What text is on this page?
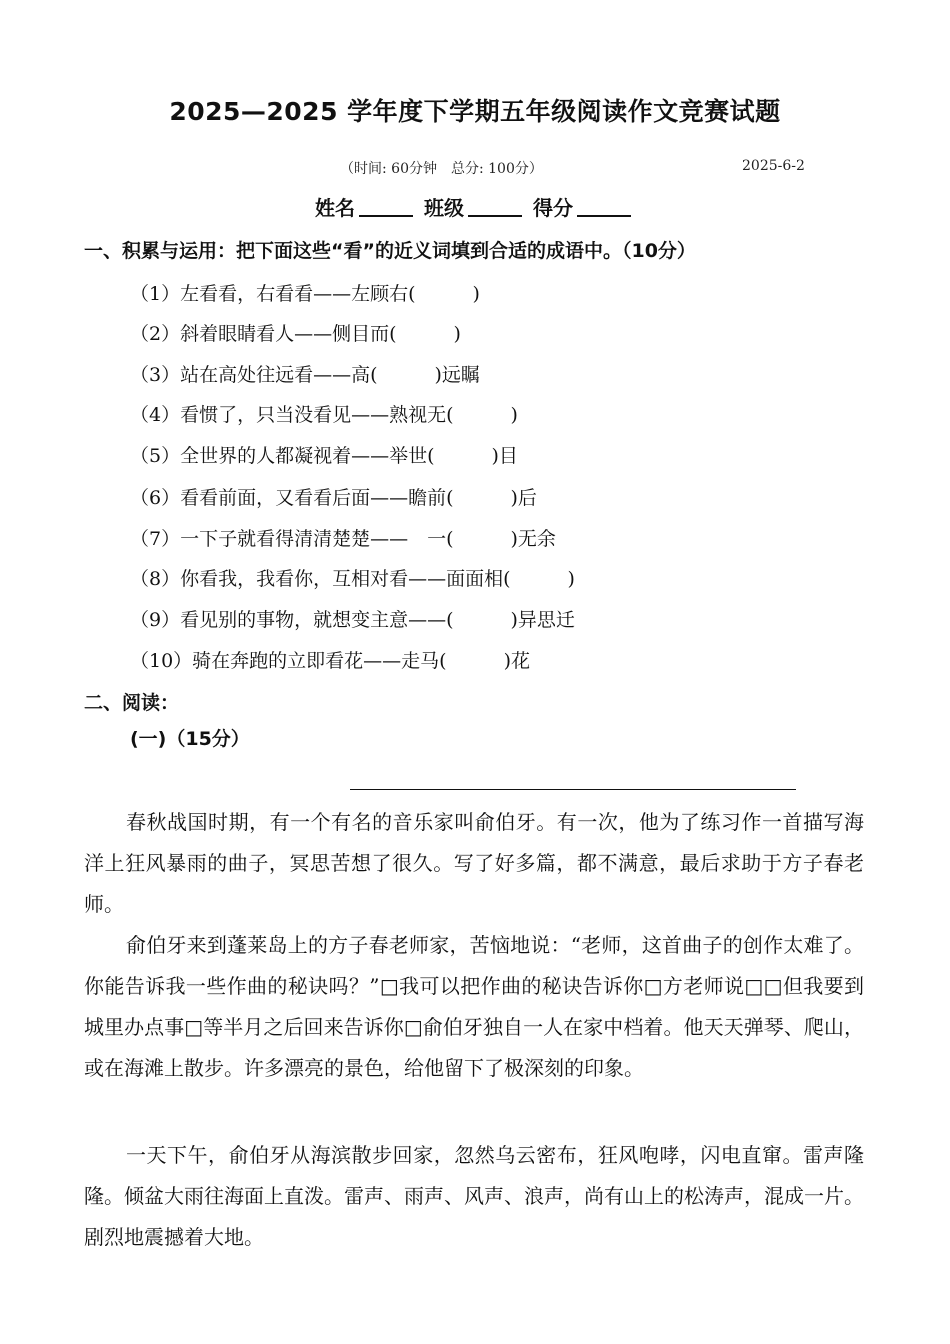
2025—2025 学年度下学期五年级阅读作文竞赛试题
（时间: 60分钟　总分: 100分）	2025-6-2
姓名	班级	得分
一、积累与运用：把下面这些“看”的近义词填到合适的成语中。（10分）
（1）左看看，右看看——左顾右(　　　)
（2）斜着眼睛看人——侧目而(　　　)
（3）站在高处往远看——高(　　　)远瞩
（4）看惯了，只当没看见——熟视无(　　　)
（5）全世界的人都凝视着——举世(　　　)目
（6）看看前面，又看看后面——瞻前(　　　)后
（7）一下子就看得清清楚楚——　一(　　　)无余
（8）你看我，我看你，互相对看——面面相(　　　)
（9）看见别的事物，就想变主意——(　　　)异思迁
（10）骑在奔跑的立即看花——走马(　　　)花
二、阅读：
(一)（15分）

春秋战国时期，有一个有名的音乐家叫俞伯牙。有一次，他为了练习作一首描写海洋上狂风暴雨的曲子，冥思苦想了很久。写了好多篇，都不满意，最后求助于方子春老师。

俞伯牙来到蓬莱岛上的方子春老师家，苦恼地说：“老师，这首曲子的创作太难了。你能告诉我一些作曲的秘诀吗？”□我可以把作曲的秘诀告诉你□方老师说□□但我要到城里办点事□等半月之后回来告诉你□俞伯牙独自一人在家中档着。他天天弹琴、爬山，或在海滩上散步。许多漂亮的景色，给他留下了极深刻的印象。

一天下午，俞伯牙从海滨散步回家，忽然乌云密布，狂风咆哮，闪电直窜。雷声隆隆。倾盆大雨往海面上直泼。雷声、雨声、风声、浪声，尚有山上的松涛声，混成一片。剧烈地震撼着大地。
